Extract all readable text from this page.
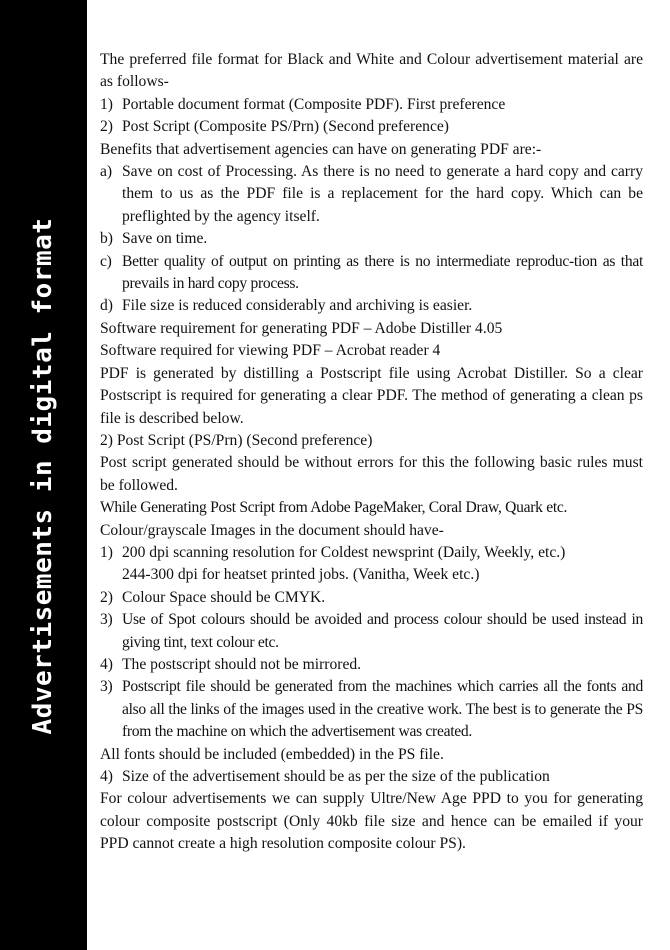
Advertisements in digital format

The preferred file format for Black and White and Colour advertisement material are as follows-

1) Portable document format (Composite PDF). First preference
2) Post Script (Composite PS/Prn) (Second preference)

Benefits that advertisement agencies can have on generating PDF are:-

a) Save on cost of Processing. As there is no need to generate a hard copy and carry them to us as the PDF file is a replacement for the hard copy. Which can be preflighted by the agency itself.
b) Save on time.
c) Better quality of output on printing as there is no intermediate reproduc-tion as that prevails in hard copy process.
d) File size is reduced considerably and archiving is easier.

Software requirement for generating PDF – Adobe Distiller 4.05

Software required for viewing PDF – Acrobat reader 4

PDF is generated by distilling a Postscript file using Acrobat Distiller. So a clear Postscript is required for generating a clear PDF. The method of generating a clean ps file is described below.

2) Post Script (PS/Prn) (Second preference)

Post script generated should be without errors for this the following basic rules must be followed.

While Generating Post Script from Adobe PageMaker, Coral Draw, Quark etc.

Colour/grayscale Images in the document should have-

1) 200 dpi scanning resolution for Coldest newsprint (Daily, Weekly, etc.)

244-300 dpi for heatset printed jobs. (Vanitha, Week etc.)

2) Colour Space should be CMYK.
3) Use of Spot colours should be avoided and process colour should be used instead in giving tint, text colour etc.
4) The postscript should not be mirrored.
3) Postscript file should be generated from the machines which carries all the fonts and also all the links of the images used in the creative work. The best is to generate the PS from the machine on which the advertisement was created.

All fonts should be included (embedded) in the PS file.

4) Size of the advertisement should be as per the size of the publication

For colour advertisements we can supply Ultre/New Age PPD to you for generating colour composite postscript (Only 40kb file size and hence can be emailed if your PPD cannot create a high resolution composite colour PS).
